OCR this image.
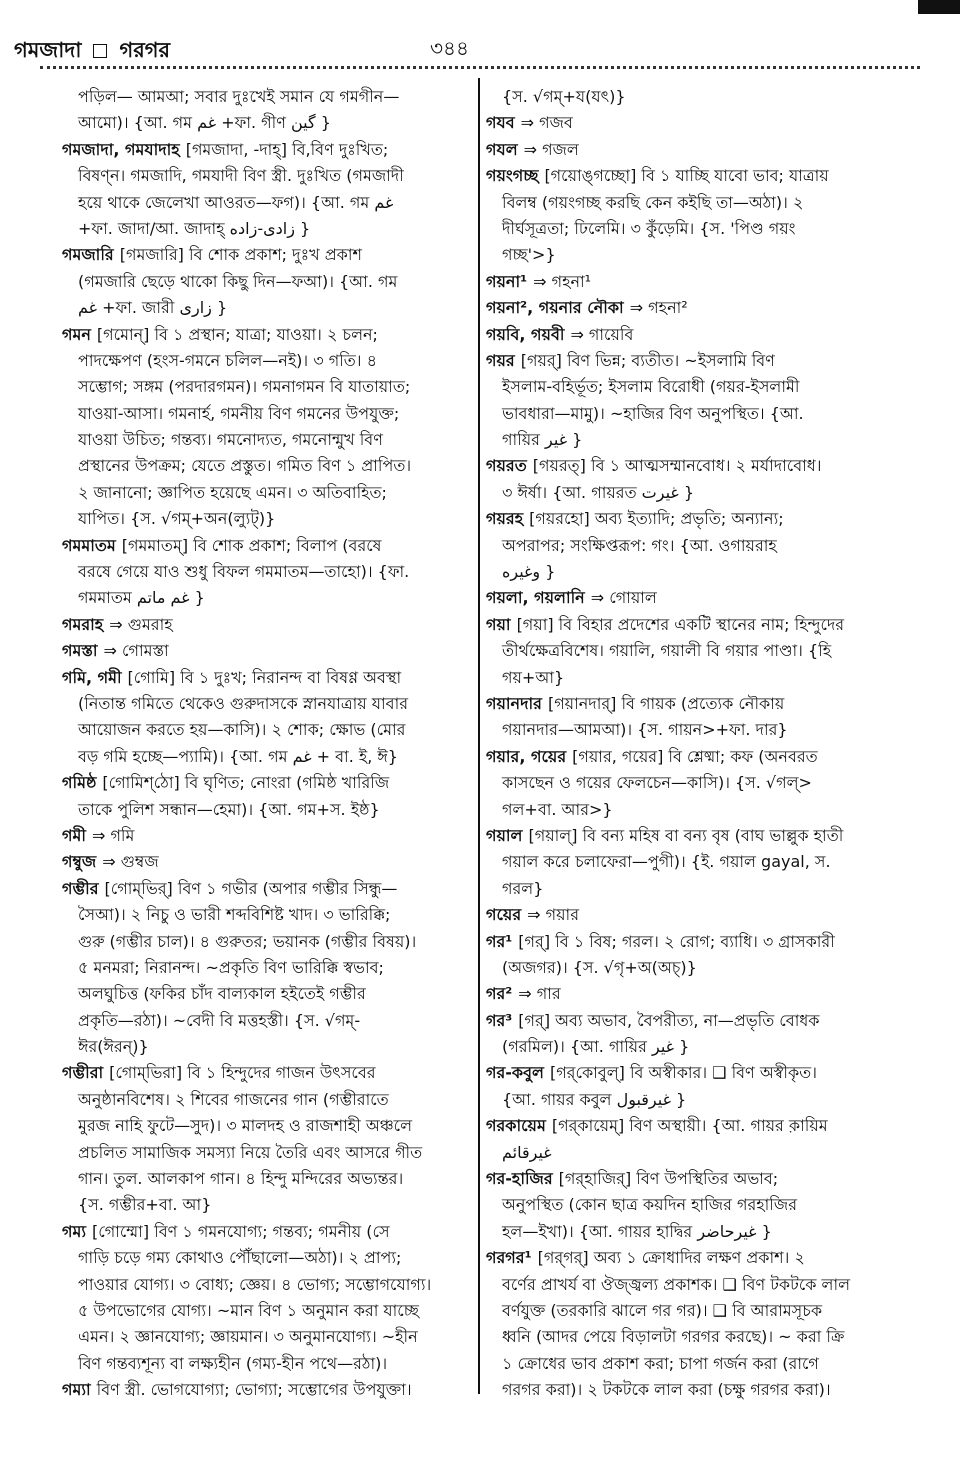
গমজাদা গরগর	৩৪৪
পড়িল— আমআ; সবার দুঃখেই সমান যে গমগীন—
আমো)। {আ. গম غم +ফা. গীণ گین }
গমজাদা, গমযাদাহ [গমজাদা, -দাহ্] বি,বিণ দুঃখিত;
বিষণ্ন। গমজাদি, গমযাদী বিণ স্ত্রী. দুঃখিত (গমজাদী
হয়ে থাকে জেলেখা আওরত—ফগ)। {আ. গম غم
+ফা. জাদা/আ. জাদাহ্ زادی-زاده }
গমজারি [গমজারি] বি শোক প্রকাশ; দুঃখ প্রকাশ
(গমজারি ছেড়ে থাকো কিছু দিন—ফআ)। {আ. গম
غم +ফা. জারী زاری }
গমন [গমোন্] বি ১ প্রস্থান; যাত্রা; যাওয়া। ২ চলন;
পাদক্ষেপণ (হংস-গমনে চলিল—নই)। ৩ গতি। ৪
সম্ভোগ; সঙ্গম (পরদারগমন)। গমনাগমন বি যাতায়াত;
যাওয়া-আসা। গমনার্হ, গমনীয় বিণ গমনের উপযুক্ত;
যাওয়া উচিত; গন্তব্য। গমনোদ্যত, গমনোন্মুখ বিণ
প্রস্থানের উপক্রম; যেতে প্রস্তুত। গমিত বিণ ১ প্রাপিত।
২ জানানো; জ্ঞাপিত হয়েছে এমন। ৩ অতিবাহিত;
যাপিত। {স. √গম্+অন(ল্যুট্)}
গমমাতম [গমমাতম্] বি শোক প্রকাশ; বিলাপ (বরষে
বরষে গেয়ে যাও শুধু বিফল গমমাতম—তাহো)। {ফা.
গমমাতম غم ماتم }
গমরাহ ⇒ গুমরাহ
গমস্তা ⇒ গোমস্তা
গমি, গমী [গোমি] বি ১ দুঃখ; নিরানন্দ বা বিষণ্ণ অবস্থা
(নিতান্ত গমিতে থেকেও গুরুদাসকে স্নানযাত্রায় যাবার
আয়োজন করতে হয়—কাসি)। ২ শোক; ক্ষোভ (মোর
বড় গমি হচ্ছে—প্যামি)। {আ. গম غم + বা. ই, ঈ}
গমিষ্ঠ [গোমিশ্‌ঠো] বি ঘৃণিত; নোংরা (গমিষ্ঠ খারিজি
তাকে পুলিশ সন্ধান—হেমা)। {আ. গম+স. ইষ্ঠ}
গমী ⇒ গমি
গম্বুজ ⇒ গুম্বজ
গম্ভীর [গোম্‌ভির্] বিণ ১ গভীর (অপার গম্ভীর সিন্ধু—
সৈআ)। ২ নিচু ও ভারী শব্দবিশিষ্ট খাদ। ৩ ভারিক্কি;
গুরু (গম্ভীর চাল)। ৪ গুরুতর; ভয়ানক (গম্ভীর বিষয়)।
৫ মনমরা; নিরানন্দ। ~প্রকৃতি বিণ ভারিক্কি স্বভাব;
অলঘুচিত্ত (ফকির চাঁদ বাল্যকাল হইতেই গম্ভীর
প্রকৃতি—রঠা)। ~বেদী বি মত্তহস্তী। {স. √গম্-
ঈর(ঈরন্)}
গম্ভীরা [গোম্‌ভিরা] বি ১ হিন্দুদের গাজন উৎসবের
অনুষ্ঠানবিশেষ। ২ শিবের গাজনের গান (গম্ভীরাতে
মুরজ নাহি ফুটে—সুদ)। ৩ মালদহ ও রাজশাহী অঞ্চলে
প্রচলিত সামাজিক সমস্যা নিয়ে তৈরি এবং আসরে গীত
গান। তুল. আলকাপ গান। ৪ হিন্দু মন্দিরের অভ্যন্তর।
{স. গম্ভীর+বা. আ}
গম্য [গোম্মো] বিণ ১ গমনযোগ্য; গন্তব্য; গমনীয় (সে
গাড়ি চড়ে গম্য কোথাও পৌঁছালো—অঠা)। ২ প্রাপ্য;
পাওয়ার যোগ্য। ৩ বোধ্য; জ্ঞেয়। ৪ ভোগ্য; সম্ভোগযোগ্য।
৫ উপভোগের যোগ্য। ~মান বিণ ১ অনুমান করা যাচ্ছে
এমন। ২ জ্ঞানযোগ্য; জ্ঞায়মান। ৩ অনুমানযোগ্য। ~হীন
বিণ গন্তব্যশূন্য বা লক্ষ্যহীন (গম্য-হীন পথে—রঠা)।
গম্যা বিণ স্ত্রী. ভোগযোগ্যা; ভোগ্যা; সম্ভোগের উপযুক্তা।
{স. √গম্+য(যৎ)}
গযব ⇒ গজব
গযল ⇒ গজল
গয়ংগচ্ছ [গয়োঙ্‌গচ্ছো] বি ১ যাচ্ছি যাবো ভাব; যাত্রায়
বিলম্ব (গয়ংগচ্ছ করছি কেন কইছি তা—অঠা)। ২
দীর্ঘসূত্রতা; ঢিলেমি। ৩ কুঁড়েমি। {স. 'পিণ্ড গয়ং
গচ্ছ'>}
গয়না¹ ⇒ গহনা¹
গয়না², গয়নার নৌকা ⇒ গহনা²
গয়বি, গয়বী ⇒ গায়েবি
গয়র [গয়র্] বিণ ভিন্ন; ব্যতীত। ~ইসলামি বিণ
ইসলাম-বহির্ভূত; ইসলাম বিরোধী (গয়র-ইসলামী
ভাবধারা—মামু)। ~হাজির বিণ অনুপস্থিত। {আ.
গায়ির غیر }
গয়রত [গয়রত্] বি ১ আত্মসম্মানবোধ। ২ মর্যাদাবোধ।
৩ ঈর্ষা। {আ. গায়রত غیرت }
গয়রহ [গয়রহো] অব্য ইত্যাদি; প্রভৃতি; অন্যান্য;
অপরাপর; সংক্ষিপ্তরূপ: গং। {আ. ওগায়রাহ
وغیره }
গয়লা, গয়লানি ⇒ গোয়াল
গয়া [গয়া] বি বিহার প্রদেশের একটি স্থানের নাম; হিন্দুদের
তীর্থক্ষেত্রবিশেষ। গয়ালি, গয়ালী বি গয়ার পাণ্ডা। {হি
গয়+আ}
গয়ানদার [গয়ানদার্] বি গায়ক (প্রত্যেক নৌকায়
গয়ানদার—আমআ)। {স. গায়ন>+ফা. দার}
গয়ার, গয়ের [গয়ার, গয়ের] বি শ্লেষ্মা; কফ (অনবরত
কাসছেন ও গয়ের ফেলচেন—কাসি)। {স. √গল্>
গল+বা. আর>}
গয়াল [গয়াল্] বি বন্য মহিষ বা বন্য বৃষ (বাঘ ভাল্লুক হাতী
গয়াল করে চলাফেরা—পুগী)। {ই. গয়াল gayal, স.
গরল}
গয়ের ⇒ গয়ার
গর¹ [গর্] বি ১ বিষ; গরল। ২ রোগ; ব্যাধি। ৩ গ্রাসকারী
(অজগর)। {স. √গৃ+অ(অচ্)}
গর² ⇒ গার
গর³ [গর্] অব্য অভাব, বৈপরীত্য, না—প্রভৃতি বোধক
(গরমিল)। {আ. গায়ির غیر }
গর-কবুল [গর্‌কোবুল্] বি অস্বীকার। ❑ বিণ অস্বীকৃত।
{আ. গায়র কবুল غیرقبول }
গরকায়েম [গর্‌কায়েম্] বিণ অস্থায়ী। {আ. গায়র ক়ায়িম
غیرقائم
গর-হাজির [গর্‌হাজির্] বিণ উপস্থিতির অভাব;
অনুপস্থিত (কোন ছাত্র কয়দিন হাজির গরহাজির
হল—ইখা)। {আ. গায়র হাদ্বির غیرحاضر }
গরগর¹ [গর্‌গর্] অব্য ১ ক্রোধাদির লক্ষণ প্রকাশ। ২
বর্ণের প্রাখর্য বা ঔজ্জ্বল্য প্রকাশক। ❑ বিণ টকটকে লাল
বর্ণযুক্ত (তরকারি ঝালে গর গর)। ❑ বি আরামসূচক
ধ্বনি (আদর পেয়ে বিড়ালটা গরগর করছে)। ~ করা ক্রি
১ ক্রোধের ভাব প্রকাশ করা; চাপা গর্জন করা (রাগে
গরগর করা)। ২ টকটকে লাল করা (চক্ষু গরগর করা)।
